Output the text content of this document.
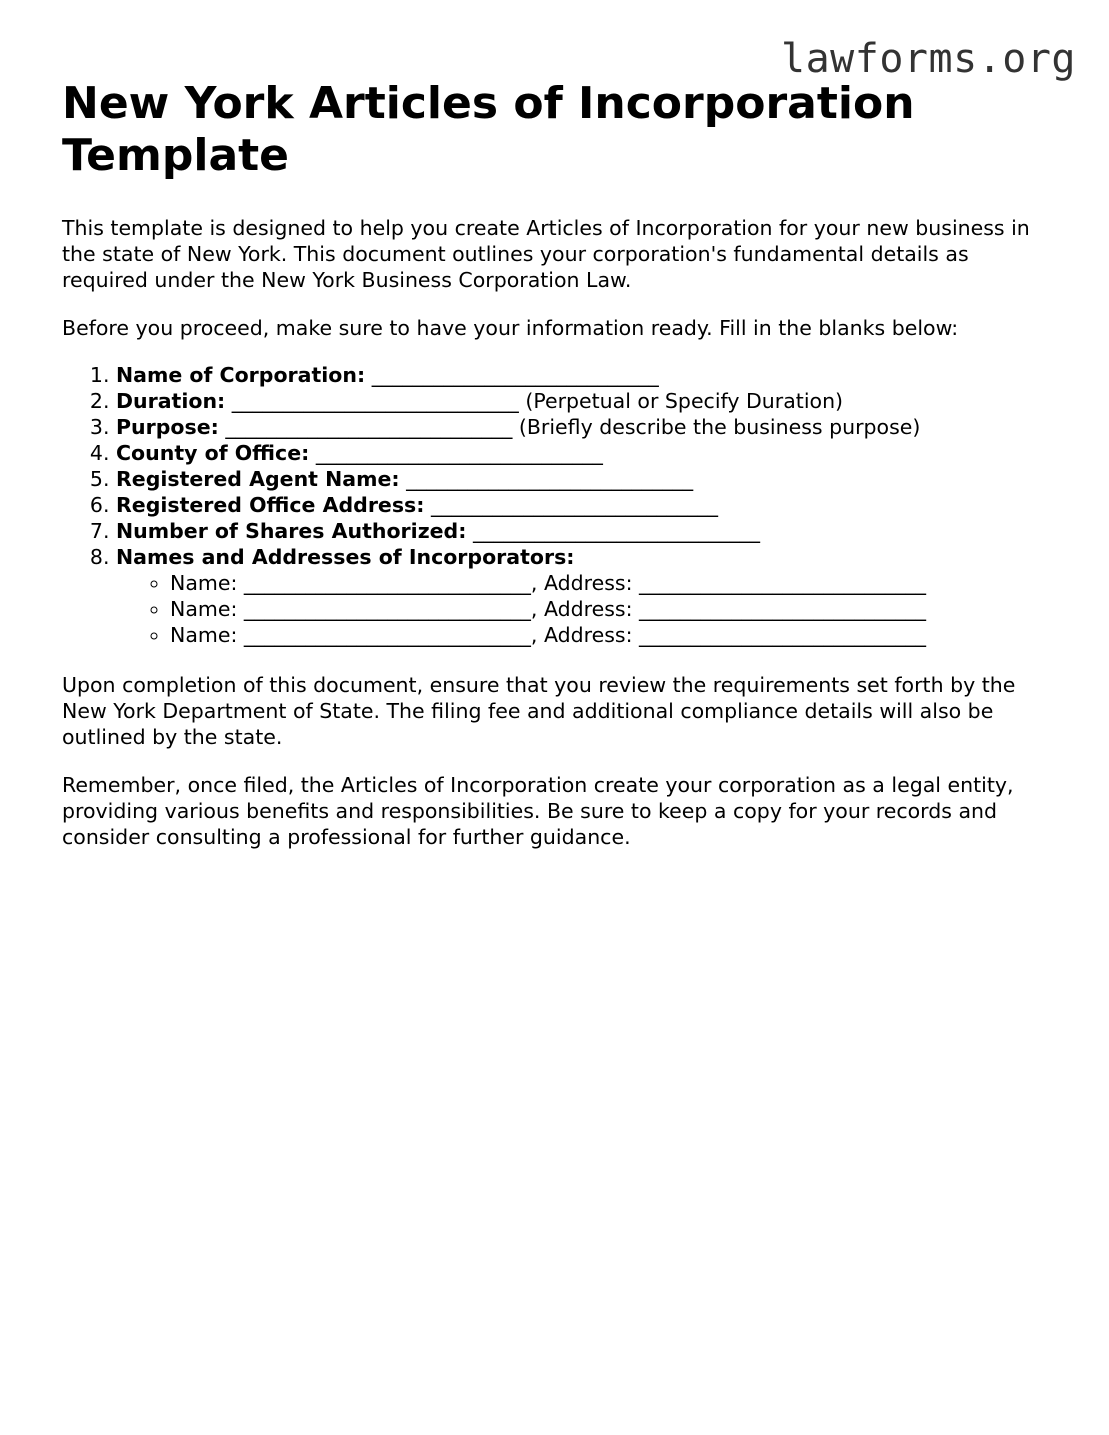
lawforms.org
New York Articles of Incorporation Template

This template is designed to help you create Articles of Incorporation for your new business in the state of New York. This document outlines your corporation's fundamental details as required under the New York Business Corporation Law.

Before you proceed, make sure to have your information ready. Fill in the blanks below:

1. Name of Corporation: ____________________________
2. Duration: ____________________________ (Perpetual or Specify Duration)
3. Purpose: ____________________________ (Briefly describe the business purpose)
4. County of Office: ____________________________
5. Registered Agent Name: ____________________________
6. Registered Office Address: ____________________________
7. Number of Shares Authorized: ____________________________
8. Names and Addresses of Incorporators:
◦ Name: ____________________________, Address: ____________________________
◦ Name: ____________________________, Address: ____________________________
◦ Name: ____________________________, Address: ____________________________

Upon completion of this document, ensure that you review the requirements set forth by the New York Department of State. The filing fee and additional compliance details will also be outlined by the state.

Remember, once filed, the Articles of Incorporation create your corporation as a legal entity, providing various benefits and responsibilities. Be sure to keep a copy for your records and consider consulting a professional for further guidance.
